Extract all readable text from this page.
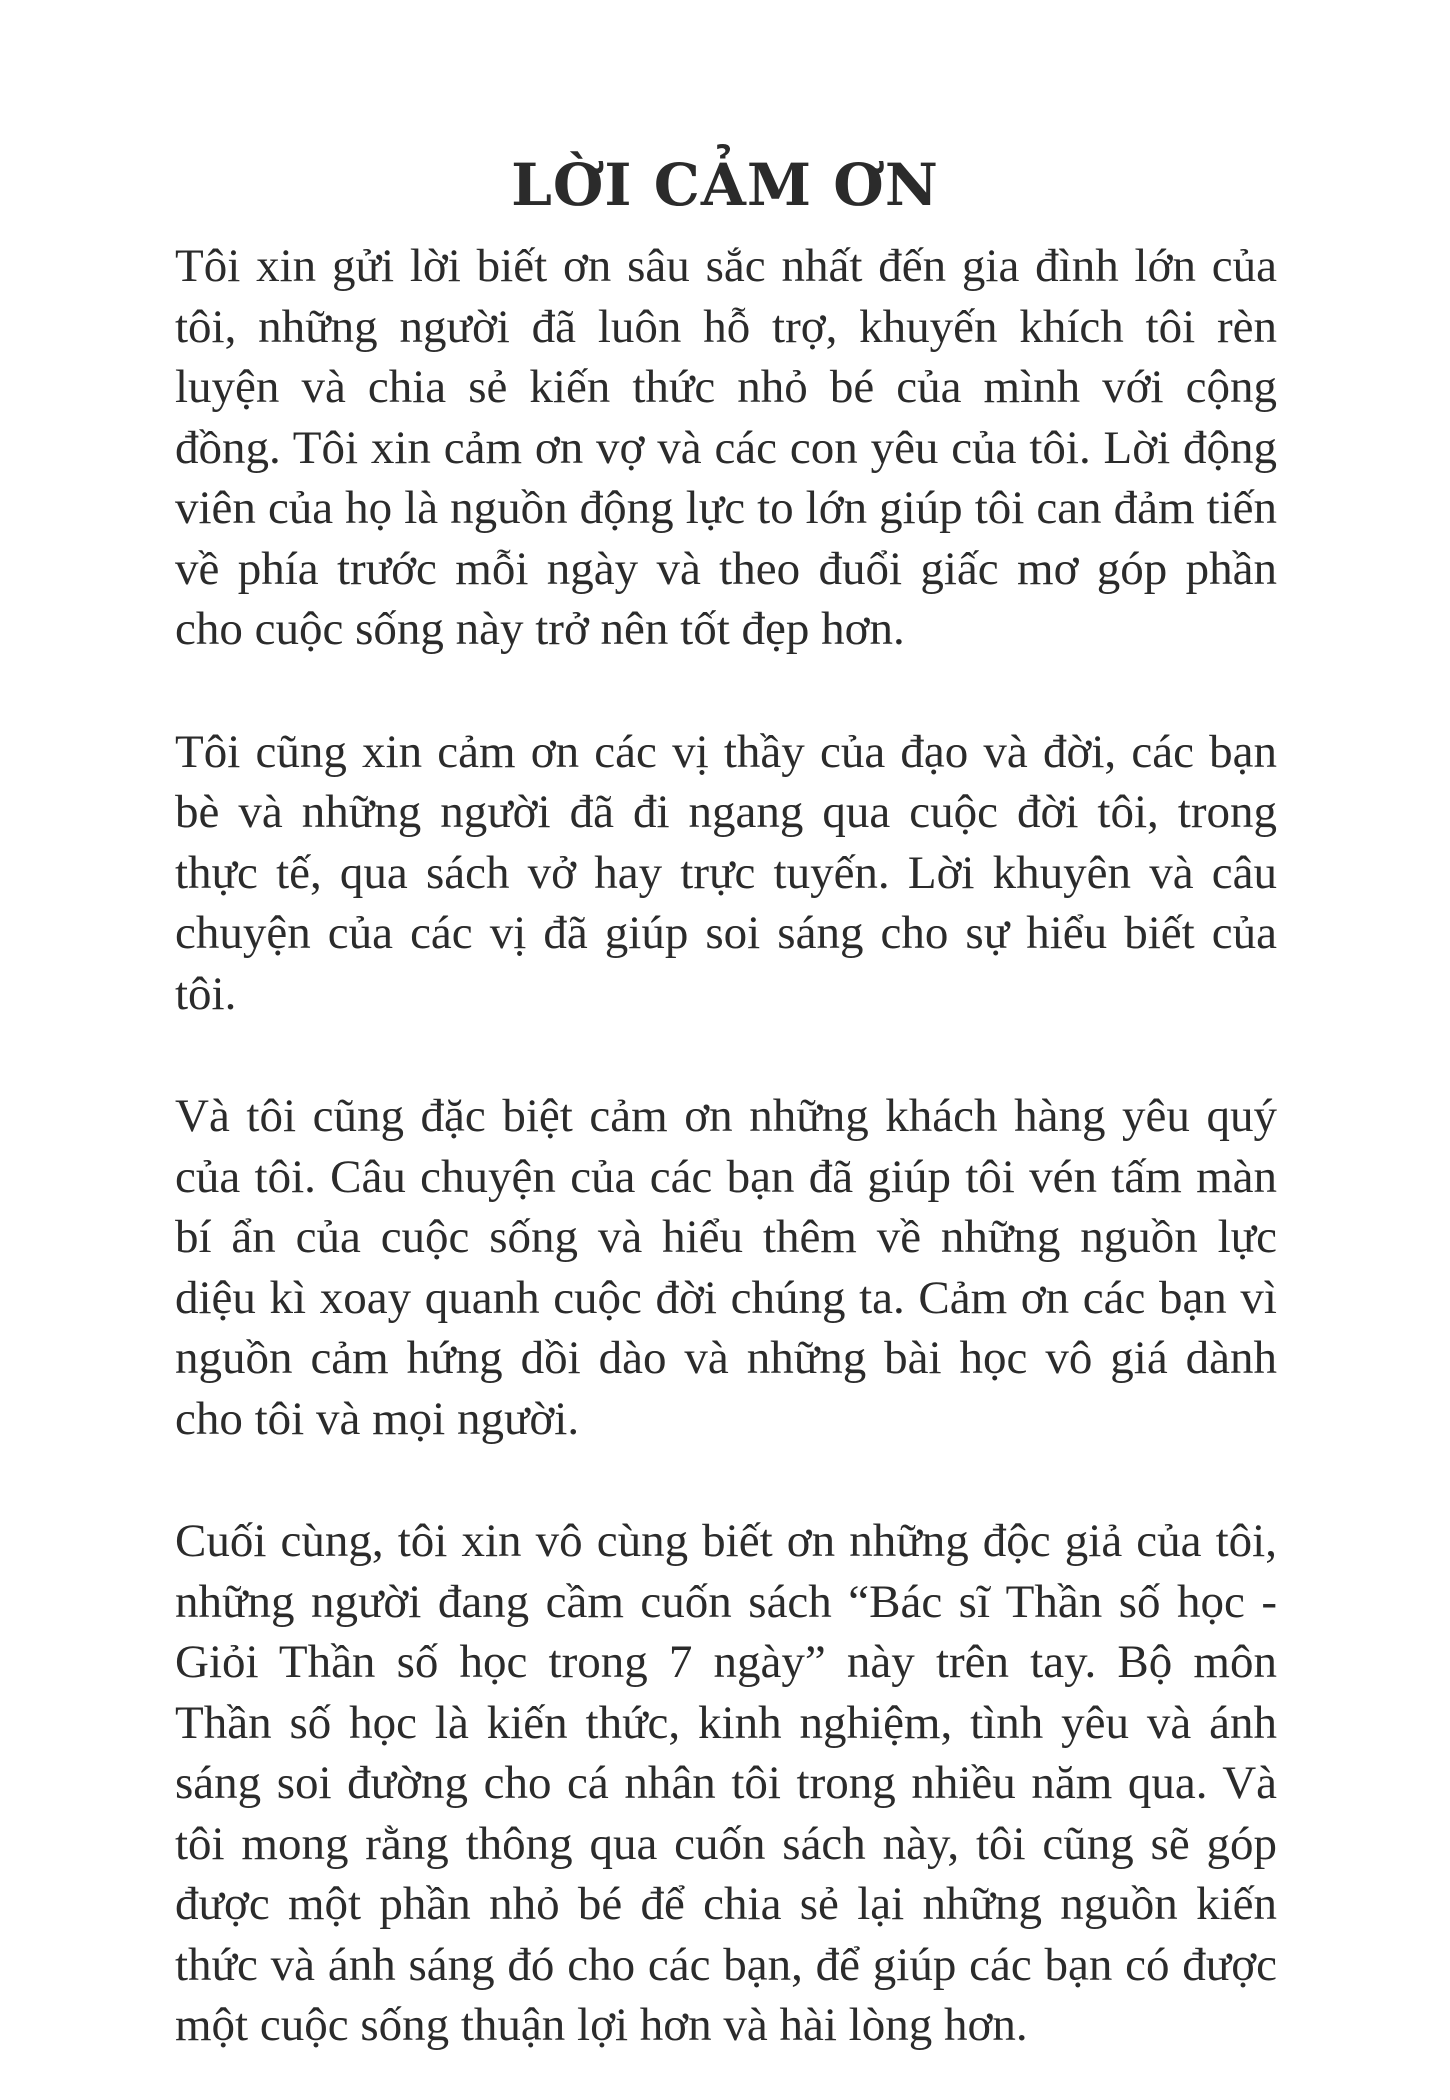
LỜI CẢM ƠN

Tôi xin gửi lời biết ơn sâu sắc nhất đến gia đình lớn của tôi, những người đã luôn hỗ trợ, khuyến khích tôi rèn luyện và chia sẻ kiến thức nhỏ bé của mình với cộng đồng. Tôi xin cảm ơn vợ và các con yêu của tôi. Lời động viên của họ là nguồn động lực to lớn giúp tôi can đảm tiến về phía trước mỗi ngày và theo đuổi giấc mơ góp phần cho cuộc sống này trở nên tốt đẹp hơn.

Tôi cũng xin cảm ơn các vị thầy của đạo và đời, các bạn bè và những người đã đi ngang qua cuộc đời tôi, trong thực tế, qua sách vở hay trực tuyến. Lời khuyên và câu chuyện của các vị đã giúp soi sáng cho sự hiểu biết của tôi.

Và tôi cũng đặc biệt cảm ơn những khách hàng yêu quý của tôi. Câu chuyện của các bạn đã giúp tôi vén tấm màn bí ẩn của cuộc sống và hiểu thêm về những nguồn lực diệu kì xoay quanh cuộc đời chúng ta. Cảm ơn các bạn vì nguồn cảm hứng dồi dào và những bài học vô giá dành cho tôi và mọi người.

Cuối cùng, tôi xin vô cùng biết ơn những độc giả của tôi, những người đang cầm cuốn sách “Bác sĩ Thần số học - Giỏi Thần số học trong 7 ngày” này trên tay. Bộ môn Thần số học là kiến thức, kinh nghiệm, tình yêu và ánh sáng soi đường cho cá nhân tôi trong nhiều năm qua. Và tôi mong rằng thông qua cuốn sách này, tôi cũng sẽ góp được một phần nhỏ bé để chia sẻ lại những nguồn kiến thức và ánh sáng đó cho các bạn, để giúp các bạn có được một cuộc sống thuận lợi hơn và hài lòng hơn.
